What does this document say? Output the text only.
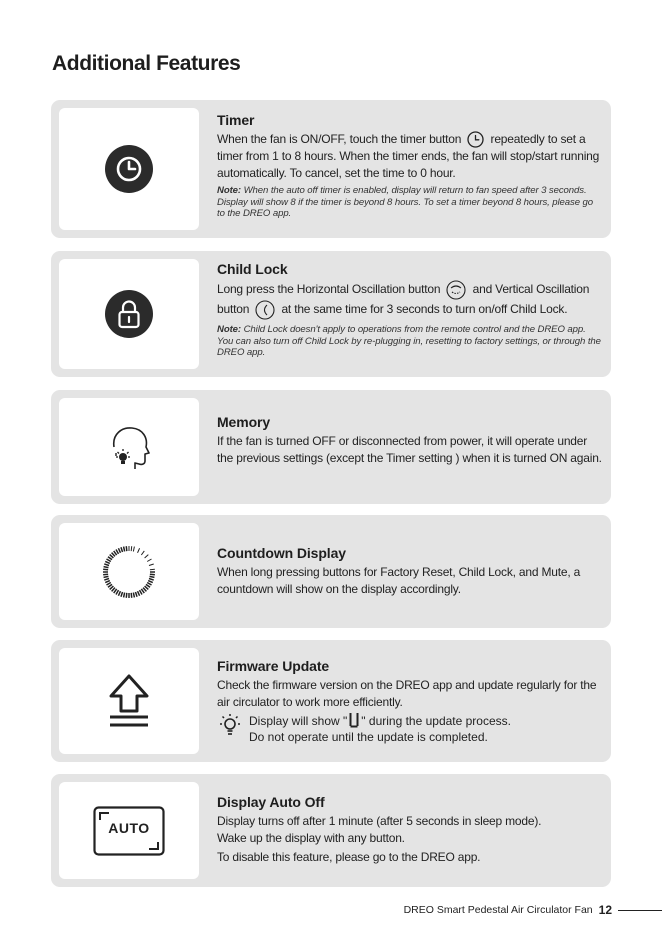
Additional Features
Timer
When the fan is ON/OFF, touch the timer button repeatedly to set a timer from 1 to 8 hours. When the timer ends, the fan will stop/start running automatically. To cancel, set the time to 0 hour.
Note: When the auto off timer is enabled, display will return to fan speed after 3 seconds.
Display will show 8 if the timer is beyond 8 hours. To set a timer beyond 8 hours, please go to the DREO app.
Child Lock
Long press the Horizontal Oscillation button	and Vertical Oscillation button	at the same time for 3 seconds to turn on/off Child Lock.
Note: Child Lock doesn't apply to operations from the remote control and the DREO app. You can also turn off Child Lock by re-plugging in, resetting to factory settings, or through the DREO app.
Memory
If the fan is turned OFF or disconnected from power, it will operate under the previous settings (except the Timer setting ) when it is turned ON again.
Countdown Display
When long pressing buttons for Factory Reset, Child Lock, and Mute, a countdown will show on the display accordingly.
Firmware Update
Check the firmware version on the DREO app and update regularly for the air circulator to work more efficiently.
Display will show " " during the update process.
Do not operate until the update is completed.
AUTO
Display Auto Off
Display turns off after 1 minute (after 5 seconds in sleep mode).
Wake up the display with any button.
To disable this feature, please go to the DREO app.
DREO Smart Pedestal Air Circulator Fan 12
